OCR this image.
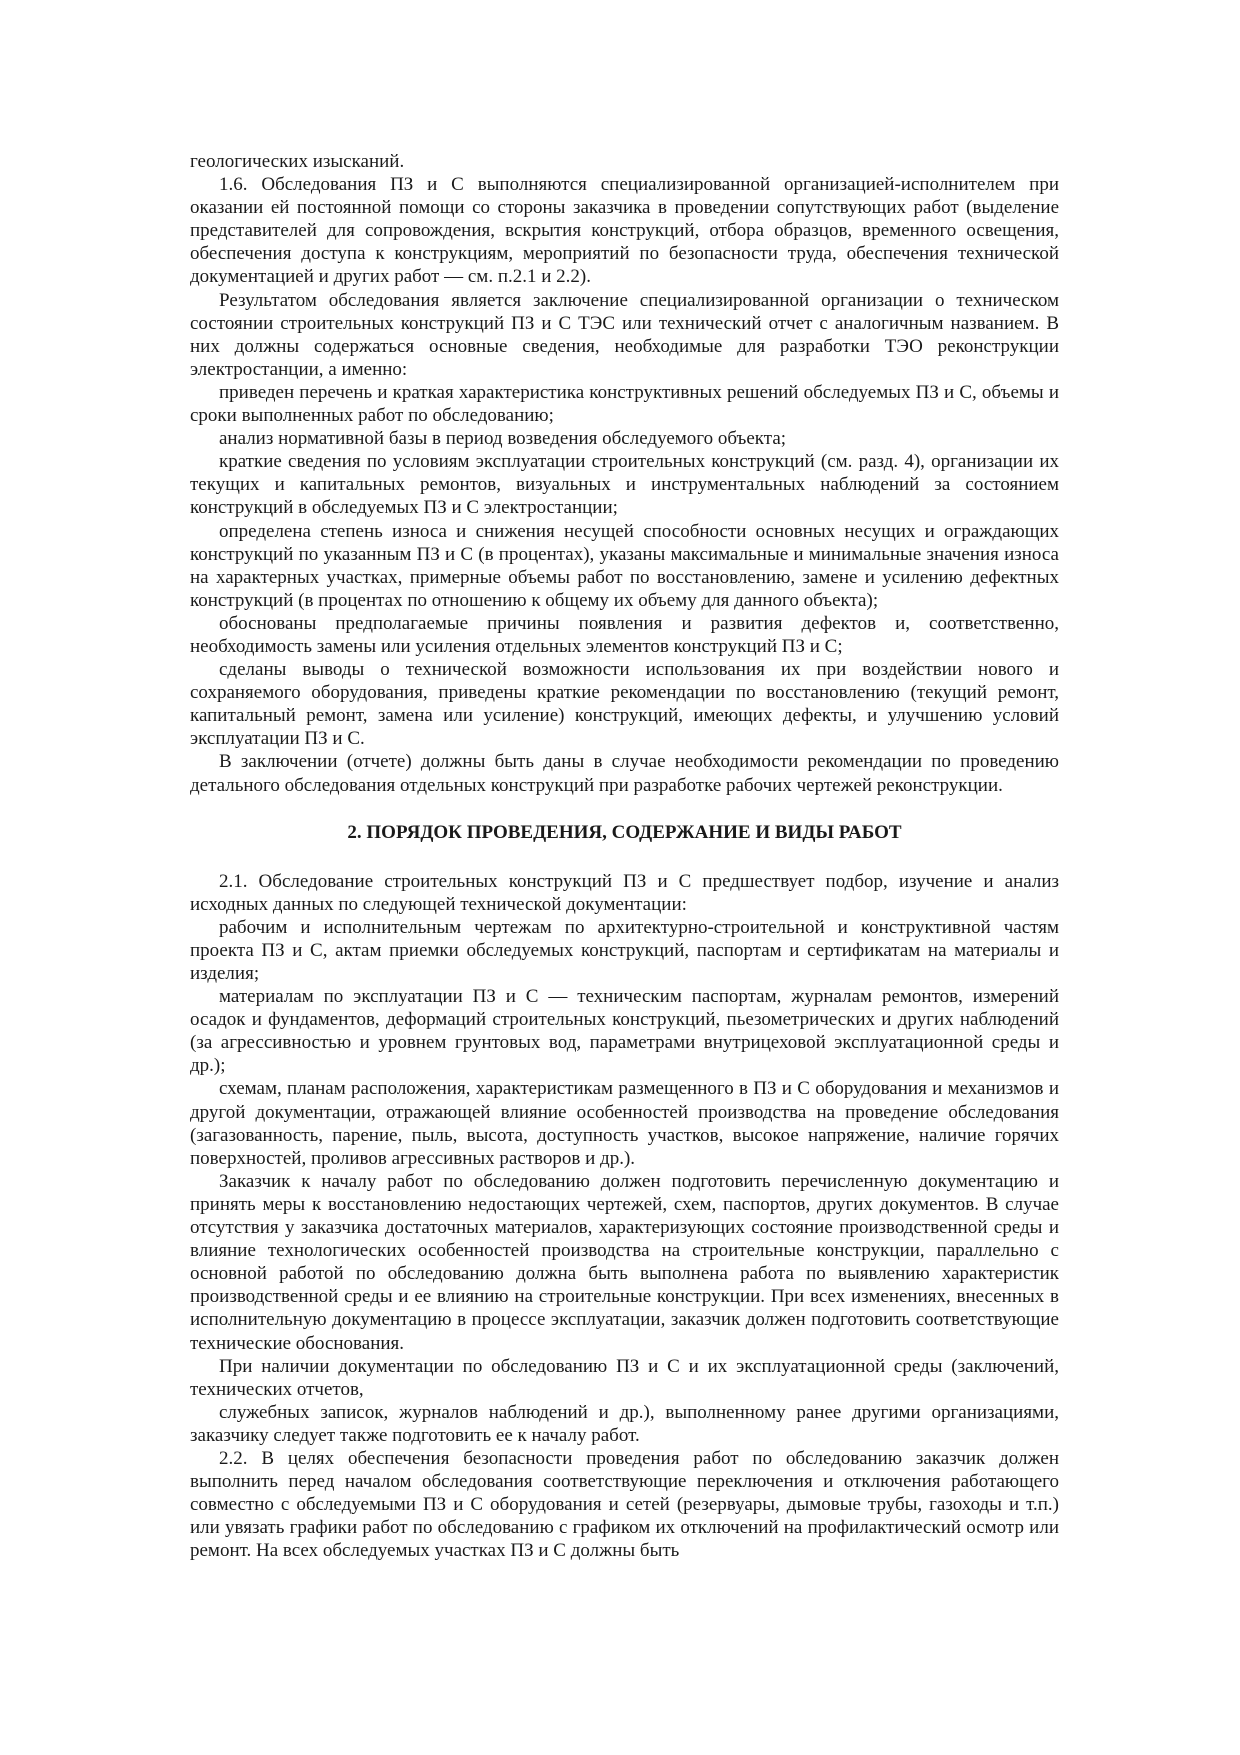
геологических изысканий.

1.6. Обследования ПЗ и С выполняются специализированной организацией-исполнителем при оказании ей постоянной помощи со стороны заказчика в проведении сопутствующих работ (выделение представителей для сопровождения, вскрытия конструкций, отбора образцов, временного освещения, обеспечения доступа к конструкциям, мероприятий по безопасности труда, обеспечения технической документацией и других работ — см. п.2.1 и 2.2).

Результатом обследования является заключение специализированной организации о техническом состоянии строительных конструкций ПЗ и С ТЭС или технический отчет с аналогичным названием. В них должны содержаться основные сведения, необходимые для разработки ТЭО реконструкции электростанции, а именно:

приведен перечень и краткая характеристика конструктивных решений обследуемых ПЗ и С, объемы и сроки выполненных работ по обследованию;

анализ нормативной базы в период возведения обследуемого объекта;

краткие сведения по условиям эксплуатации строительных конструкций (см. разд. 4), организации их текущих и капитальных ремонтов, визуальных и инструментальных наблюдений за состоянием конструкций в обследуемых ПЗ и С электростанции;

определена степень износа и снижения несущей способности основных несущих и ограждающих конструкций по указанным ПЗ и С (в процентах), указаны максимальные и минимальные значения износа на характерных участках, примерные объемы работ по восстановлению, замене и усилению дефектных конструкций (в процентах по отношению к общему их объему для данного объекта);

обоснованы предполагаемые причины появления и развития дефектов и, соответственно, необходимость замены или усиления отдельных элементов конструкций ПЗ и С;

сделаны выводы о технической возможности использования их при воздействии нового и сохраняемого оборудования, приведены краткие рекомендации по восстановлению (текущий ремонт, капитальный ремонт, замена или усиление) конструкций, имеющих дефекты, и улучшению условий эксплуатации ПЗ и С.

В заключении (отчете) должны быть даны в случае необходимости рекомендации по проведению детального обследования отдельных конструкций при разработке рабочих чертежей реконструкции.

2. ПОРЯДОК ПРОВЕДЕНИЯ, СОДЕРЖАНИЕ И ВИДЫ РАБОТ

2.1. Обследование строительных конструкций ПЗ и С предшествует подбор, изучение и анализ исходных данных по следующей технической документации:

рабочим и исполнительным чертежам по архитектурно-строительной и конструктивной частям проекта ПЗ и С, актам приемки обследуемых конструкций, паспортам и сертификатам на материалы и изделия;

материалам по эксплуатации ПЗ и С — техническим паспортам, журналам ремонтов, измерений осадок и фундаментов, деформаций строительных конструкций, пьезометрических и других наблюдений (за агрессивностью и уровнем грунтовых вод, параметрами внутрицеховой эксплуатационной среды и др.);

схемам, планам расположения, характеристикам размещенного в ПЗ и С оборудования и механизмов и другой документации, отражающей влияние особенностей производства на проведение обследования (загазованность, парение, пыль, высота, доступность участков, высокое напряжение, наличие горячих поверхностей, проливов агрессивных растворов и др.).

Заказчик к началу работ по обследованию должен подготовить перечисленную документацию и принять меры к восстановлению недостающих чертежей, схем, паспортов, других документов. В случае отсутствия у заказчика достаточных материалов, характеризующих состояние производственной среды и влияние технологических особенностей производства на строительные конструкции, параллельно с основной работой по обследованию должна быть выполнена работа по выявлению характеристик производственной среды и ее влиянию на строительные конструкции. При всех изменениях, внесенных в исполнительную документацию в процессе эксплуатации, заказчик должен подготовить соответствующие технические обоснования.

При наличии документации по обследованию ПЗ и С и их эксплуатационной среды (заключений, технических отчетов,

служебных записок, журналов наблюдений и др.), выполненному ранее другими организациями, заказчику следует также подготовить ее к началу работ.

2.2. В целях обеспечения безопасности проведения работ по обследованию заказчик должен выполнить перед началом обследования соответствующие переключения и отключения работающего совместно с обследуемыми ПЗ и С оборудования и сетей (резервуары, дымовые трубы, газоходы и т.п.) или увязать графики работ по обследованию с графиком их отключений на профилактический осмотр или ремонт. На всех обследуемых участках ПЗ и С должны быть
